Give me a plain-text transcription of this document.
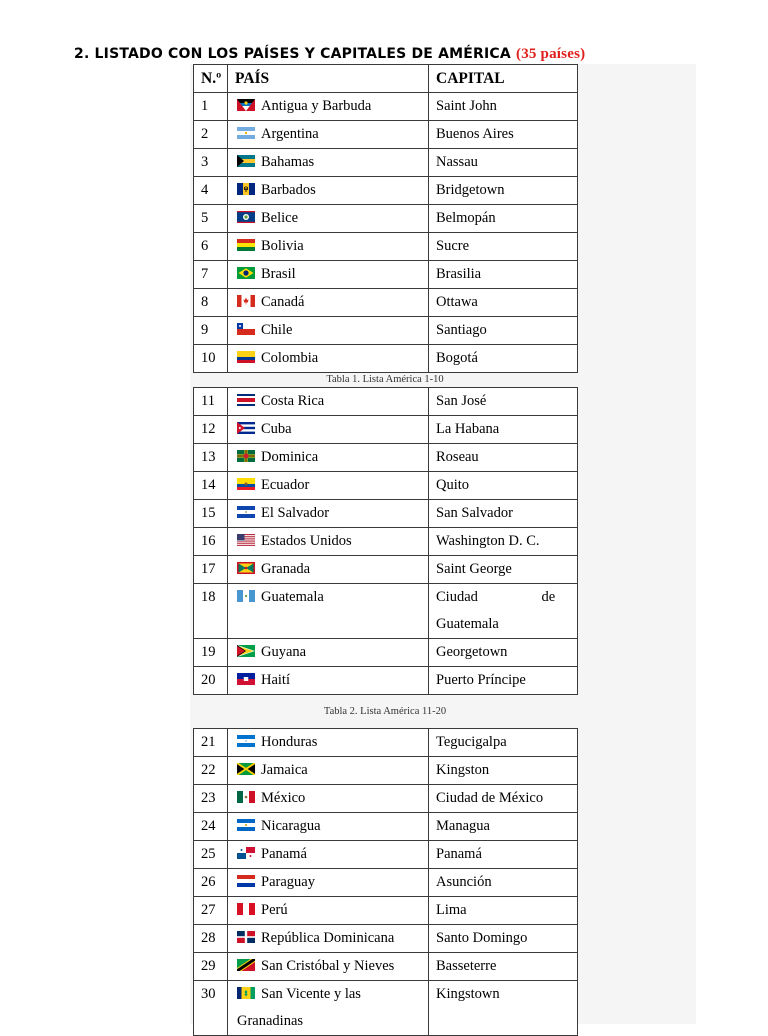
2. LISTADO CON LOS PAÍSES Y CAPITALES DE AMÉRICA (35 países)
N.º	PAÍS	CAPITAL
1	Antigua y Barbuda	Saint John
2	Argentina	Buenos Aires
3	Bahamas	Nassau
4	Barbados	Bridgetown
5	Belice	Belmopán
6	Bolivia	Sucre
7	Brasil	Brasilia
8	Canadá	Ottawa
9	Chile	Santiago
10	Colombia	Bogotá
Tabla 1. Lista América 1-10
11	Costa Rica	San José
12	Cuba	La Habana
13	Dominica	Roseau
14	Ecuador	Quito
15	El Salvador	San Salvador
16	Estados Unidos	Washington D. C.
17	Granada	Saint George
18	Guatemala	Ciudad de Guatemala
19	Guyana	Georgetown
20	Haití	Puerto Príncipe
Tabla 2. Lista América 11-20
21	Honduras	Tegucigalpa
22	Jamaica	Kingston
23	México	Ciudad de México
24	Nicaragua	Managua
25	Panamá	Panamá
26	Paraguay	Asunción
27	Perú	Lima
28	República Dominicana	Santo Domingo
29	San Cristóbal y Nieves	Basseterre
30	San Vicente y las Granadinas	Kingstown
